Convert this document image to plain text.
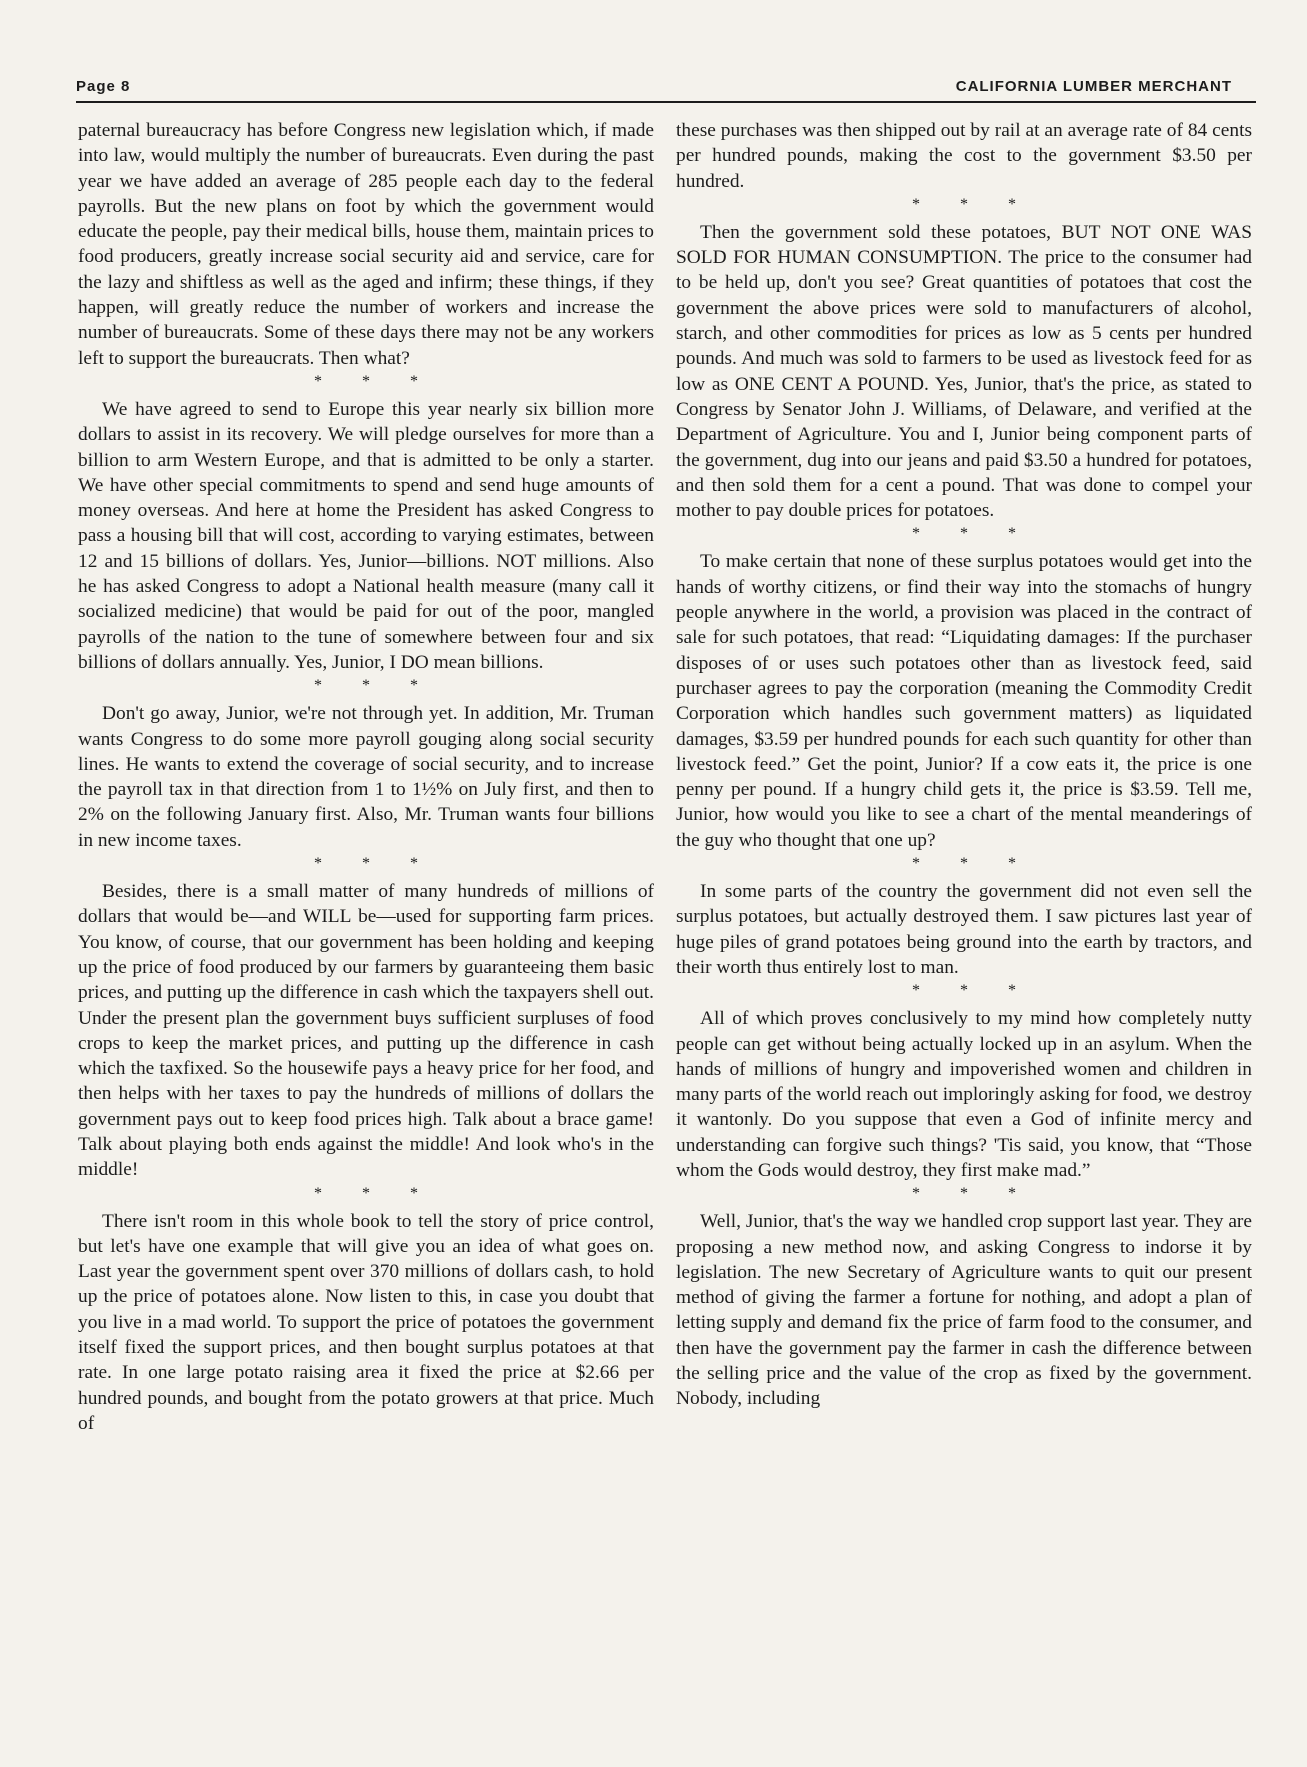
Page 8	CALIFORNIA LUMBER MERCHANT

paternal bureaucracy has before Congress new legislation which, if made into law, would multiply the number of bureaucrats. Even during the past year we have added an average of 285 people each day to the federal payrolls. But the new plans on foot by which the government would educate the people, pay their medical bills, house them, maintain prices to food producers, greatly increase social security aid and service, care for the lazy and shiftless as well as the aged and infirm; these things, if they happen, will greatly reduce the number of workers and increase the number of bureaucrats. Some of these days there may not be any workers left to support the bureaucrats. Then what?

* * *

We have agreed to send to Europe this year nearly six billion more dollars to assist in its recovery. We will pledge ourselves for more than a billion to arm Western Europe, and that is admitted to be only a starter. We have other special commitments to spend and send huge amounts of money overseas. And here at home the President has asked Congress to pass a housing bill that will cost, according to varying estimates, between 12 and 15 billions of dollars. Yes, Junior—billions. NOT millions. Also he has asked Congress to adopt a National health measure (many call it socialized medicine) that would be paid for out of the poor, mangled payrolls of the nation to the tune of somewhere between four and six billions of dollars annually. Yes, Junior, I DO mean billions.

* * *

Don't go away, Junior, we're not through yet. In addition, Mr. Truman wants Congress to do some more payroll gouging along social security lines. He wants to extend the coverage of social security, and to increase the payroll tax in that direction from 1 to 1½% on July first, and then to 2% on the following January first. Also, Mr. Truman wants four billions in new income taxes.

* * *

Besides, there is a small matter of many hundreds of millions of dollars that would be—and WILL be—used for supporting farm prices. You know, of course, that our government has been holding and keeping up the price of food produced by our farmers by guaranteeing them basic prices, and putting up the difference in cash which the taxpayers shell out. Under the present plan the government buys sufficient surpluses of food crops to keep the market prices, and putting up the difference in cash which the taxfixed. So the housewife pays a heavy price for her food, and then helps with her taxes to pay the hundreds of millions of dollars the government pays out to keep food prices high. Talk about a brace game! Talk about playing both ends against the middle! And look who's in the middle!

* * *

There isn't room in this whole book to tell the story of price control, but let's have one example that will give you an idea of what goes on. Last year the government spent over 370 millions of dollars cash, to hold up the price of potatoes alone. Now listen to this, in case you doubt that you live in a mad world. To support the price of potatoes the government itself fixed the support prices, and then bought surplus potatoes at that rate. In one large potato raising area it fixed the price at $2.66 per hundred pounds, and bought from the potato growers at that price. Much of

these purchases was then shipped out by rail at an average rate of 84 cents per hundred pounds, making the cost to the government $3.50 per hundred.

* * *

Then the government sold these potatoes, BUT NOT ONE WAS SOLD FOR HUMAN CONSUMPTION. The price to the consumer had to be held up, don't you see? Great quantities of potatoes that cost the government the above prices were sold to manufacturers of alcohol, starch, and other commodities for prices as low as 5 cents per hundred pounds. And much was sold to farmers to be used as livestock feed for as low as ONE CENT A POUND. Yes, Junior, that's the price, as stated to Congress by Senator John J. Williams, of Delaware, and verified at the Department of Agriculture. You and I, Junior being component parts of the government, dug into our jeans and paid $3.50 a hundred for potatoes, and then sold them for a cent a pound. That was done to compel your mother to pay double prices for potatoes.

* * *

To make certain that none of these surplus potatoes would get into the hands of worthy citizens, or find their way into the stomachs of hungry people anywhere in the world, a provision was placed in the contract of sale for such potatoes, that read: “Liquidating damages: If the purchaser disposes of or uses such potatoes other than as livestock feed, said purchaser agrees to pay the corporation (meaning the Commodity Credit Corporation which handles such government matters) as liquidated damages, $3.59 per hundred pounds for each such quantity for other than livestock feed.” Get the point, Junior? If a cow eats it, the price is one penny per pound. If a hungry child gets it, the price is $3.59. Tell me, Junior, how would you like to see a chart of the mental meanderings of the guy who thought that one up?

* * *

In some parts of the country the government did not even sell the surplus potatoes, but actually destroyed them. I saw pictures last year of huge piles of grand potatoes being ground into the earth by tractors, and their worth thus entirely lost to man.

* * *

All of which proves conclusively to my mind how completely nutty people can get without being actually locked up in an asylum. When the hands of millions of hungry and impoverished women and children in many parts of the world reach out imploringly asking for food, we destroy it wantonly. Do you suppose that even a God of infinite mercy and understanding can forgive such things? 'Tis said, you know, that “Those whom the Gods would destroy, they first make mad.”

* * *

Well, Junior, that's the way we handled crop support last year. They are proposing a new method now, and asking Congress to indorse it by legislation. The new Secretary of Agriculture wants to quit our present method of giving the farmer a fortune for nothing, and adopt a plan of letting supply and demand fix the price of farm food to the consumer, and then have the government pay the farmer in cash the difference between the selling price and the value of the crop as fixed by the government. Nobody, including
